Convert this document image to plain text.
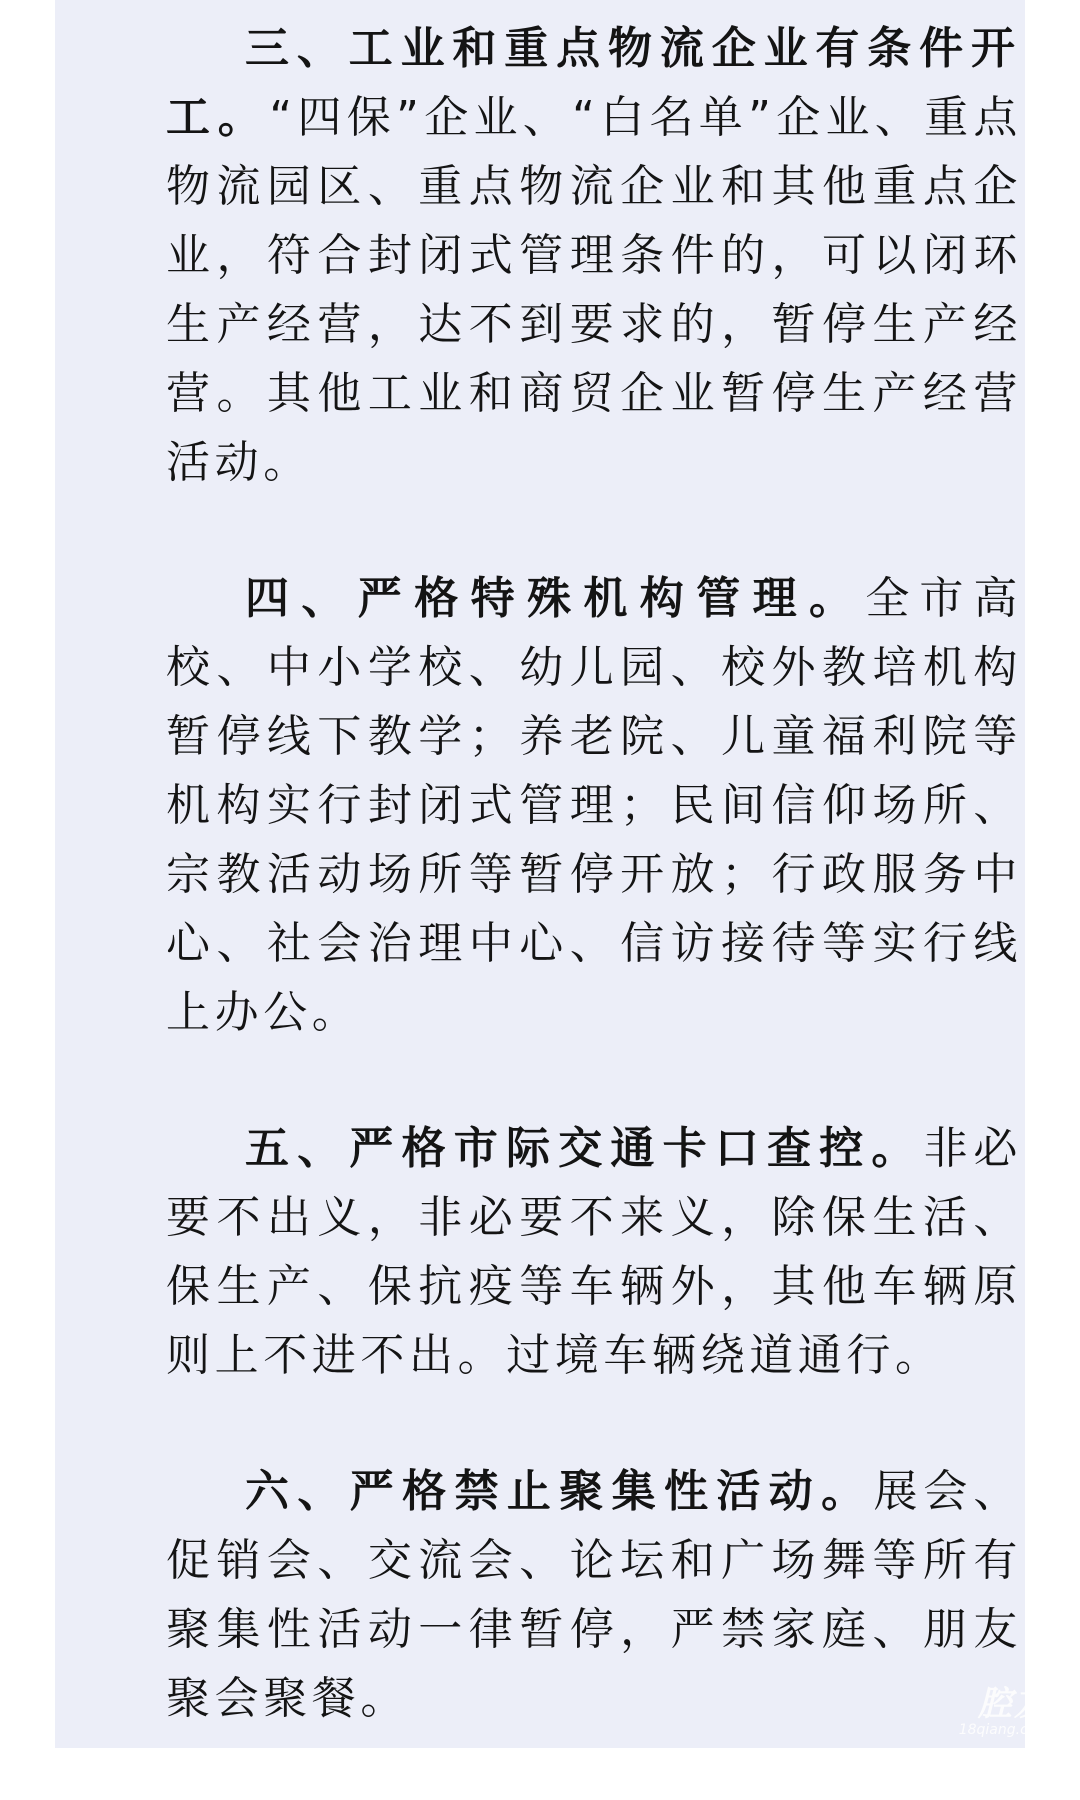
三、工业和重点物流企业有条件开工。“四保”企业、“白名单”企业、重点物流园区、重点物流企业和其他重点企业，符合封闭式管理条件的，可以闭环生产经营，达不到要求的，暂停生产经营。其他工业和商贸企业暂停生产经营活动。

四、严格特殊机构管理。全市高校、中小学校、幼儿园、校外教培机构暂停线下教学；养老院、儿童福利院等机构实行封闭式管理；民间信仰场所、宗教活动场所等暂停开放；行政服务中心、社会治理中心、信访接待等实行线上办公。

五、严格市际交通卡口查控。非必要不出义，非必要不来义，除保生活、保生产、保抗疫等车辆外，其他车辆原则上不进不出。过境车辆绕道通行。

六、严格禁止聚集性活动。展会、促销会、交流会、论坛和广场舞等所有聚集性活动一律暂停，严禁家庭、朋友聚会聚餐。	腔友
18qiang.com
